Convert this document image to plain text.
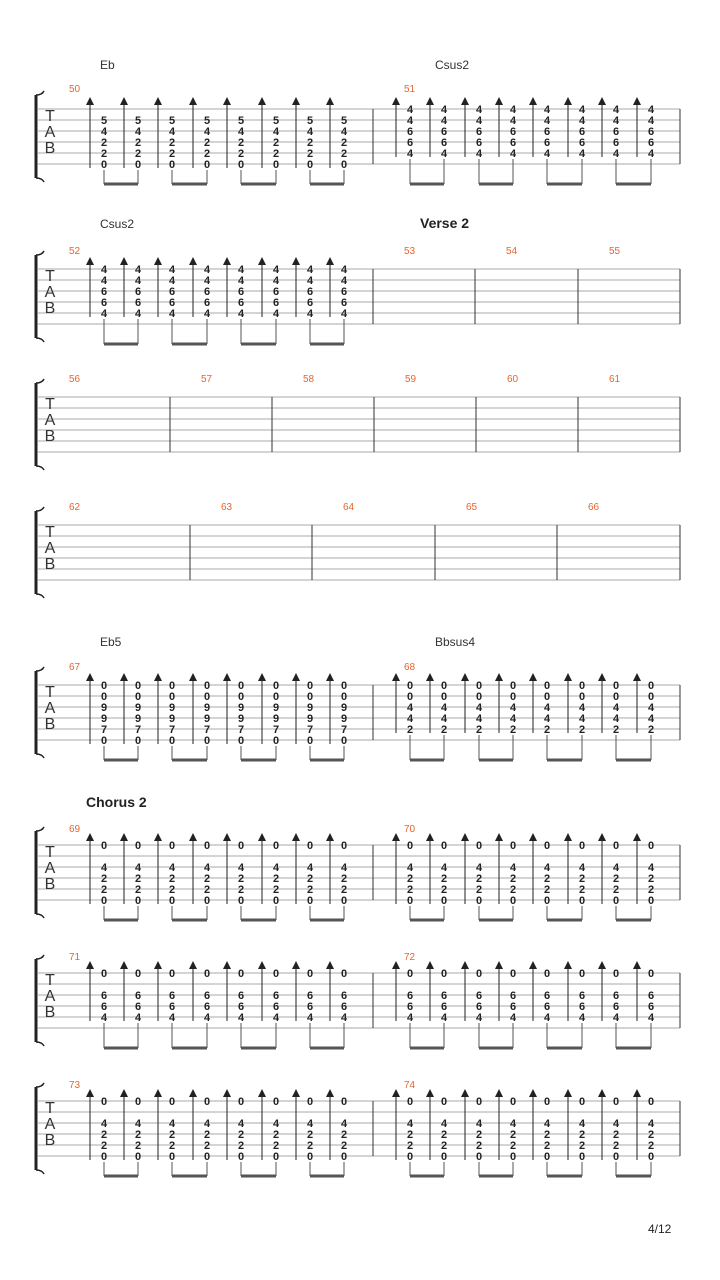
4/12
T
A
B
5
4
2
2
0
5
4
2
2
0
5
4
2
2
0
5
4
2
2
0
5
4
2
2
0
5
4
2
2
0
5
4
2
2
0
5
4
2
2
0
4
4
6
6
4
4
4
6
6
4
4
4
6
6
4
4
4
6
6
4
4
4
6
6
4
4
4
6
6
4
4
4
6
6
4
4
4
6
6
4
T
A
B
4
4
6
6
4
4
4
6
6
4
4
4
6
6
4
4
4
6
6
4
4
4
6
6
4
4
4
6
6
4
4
4
6
6
4
4
4
6
6
4
T
A
B
T
A
B
T
A
B
0
0
9
9
7
0
0
0
9
9
7
0
0
0
9
9
7
0
0
0
9
9
7
0
0
0
9
9
7
0
0
0
9
9
7
0
0
0
9
9
7
0
0
0
9
9
7
0
0
0
4
4
2
0
0
4
4
2
0
0
4
4
2
0
0
4
4
2
0
0
4
4
2
0
0
4
4
2
0
0
4
4
2
0
0
4
4
2
T
A
B
0
4
2
2
0
0
4
2
2
0
0
4
2
2
0
0
4
2
2
0
0
4
2
2
0
0
4
2
2
0
0
4
2
2
0
0
4
2
2
0
0
4
2
2
0
0
4
2
2
0
0
4
2
2
0
0
4
2
2
0
0
4
2
2
0
0
4
2
2
0
0
4
2
2
0
0
4
2
2
0
T
A
B
0
6
6
4
0
6
6
4
0
6
6
4
0
6
6
4
0
6
6
4
0
6
6
4
0
6
6
4
0
6
6
4
0
6
6
4
0
6
6
4
0
6
6
4
0
6
6
4
0
6
6
4
0
6
6
4
0
6
6
4
0
6
6
4
T
A
B
0
4
2
2
0
0
4
2
2
0
0
4
2
2
0
0
4
2
2
0
0
4
2
2
0
0
4
2
2
0
0
4
2
2
0
0
4
2
2
0
0
4
2
2
0
0
4
2
2
0
0
4
2
2
0
0
4
2
2
0
0
4
2
2
0
0
4
2
2
0
0
4
2
2
0
0
4
2
2
0
50
Eb
51
Csus2
Verse 2
52
Csus2
53	54	55
56	57	58	59	60	61
62	63	64	65	66
67
Eb5
68
Bbsus4
Chorus 2
69	70
71	72
73	74
